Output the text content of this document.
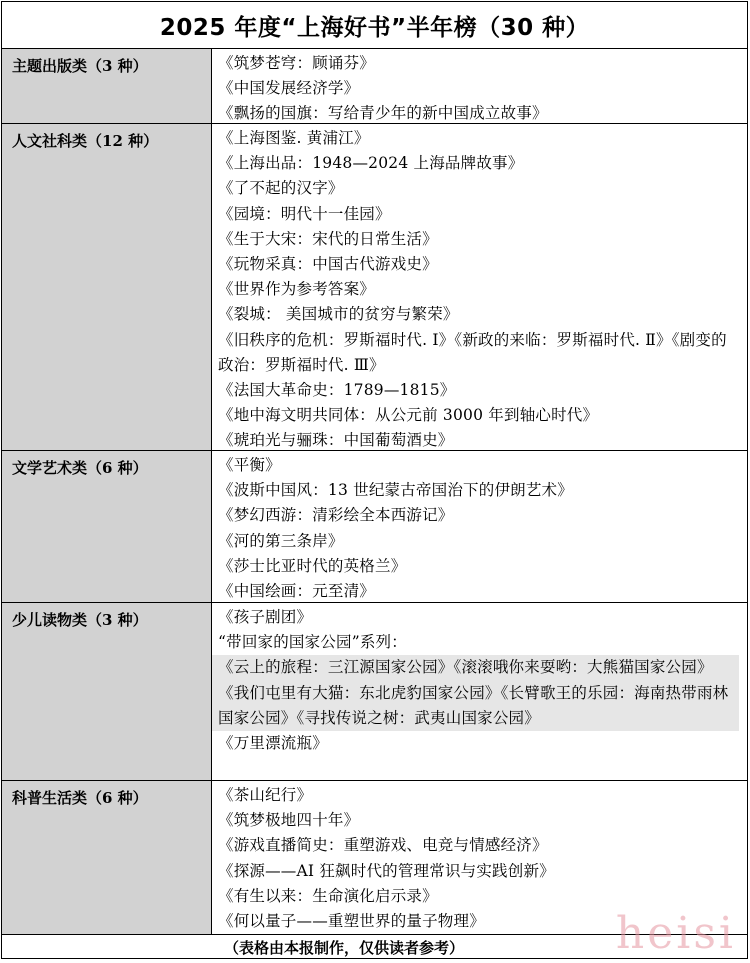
2025 年度“上海好书”半年榜（30 种）
主题出版类（3 种）	《筑梦苍穹：顾诵芬》
《中国发展经济学》
《飘扬的国旗：写给青少年的新中国成立故事》
人文社科类（12 种）	《上海图鉴. 黄浦江》
《上海出品：1948—2024 上海品牌故事》
《了不起的汉字》
《园境：明代十一佳园》
《生于大宋：宋代的日常生活》
《玩物采真：中国古代游戏史》
《世界作为参考答案》
《裂城： 美国城市的贫穷与繁荣》
《旧秩序的危机：罗斯福时代. Ⅰ》《新政的来临：罗斯福时代. Ⅱ》《剧变的政治：罗斯福时代. Ⅲ》
《法国大革命史：1789—1815》
《地中海文明共同体：从公元前 3000 年到轴心时代》
《琥珀光与骊珠：中国葡萄酒史》
文学艺术类（6 种）	《平衡》
《波斯中国风：13 世纪蒙古帝国治下的伊朗艺术》
《梦幻西游：清彩绘全本西游记》
《河的第三条岸》
《莎士比亚时代的英格兰》
《中国绘画：元至清》
少儿读物类（3 种）	《孩子剧团》
“带回家的国家公园”系列：
《云上的旅程：三江源国家公园》《滚滚哦你来耍哟：大熊猫国家公园》《我们屯里有大猫：东北虎豹国家公园》《长臂歌王的乐园：海南热带雨林国家公园》《寻找传说之树：武夷山国家公园》
《万里漂流瓶》
科普生活类（6 种）	《茶山纪行》
《筑梦极地四十年》
《游戏直播简史：重塑游戏、电竞与情感经济》
《探源——AI 狂飙时代的管理常识与实践创新》
《有生以来：生命演化启示录》
《何以量子——重塑世界的量子物理》
（表格由本报制作，仅供读者参考）	heisi
